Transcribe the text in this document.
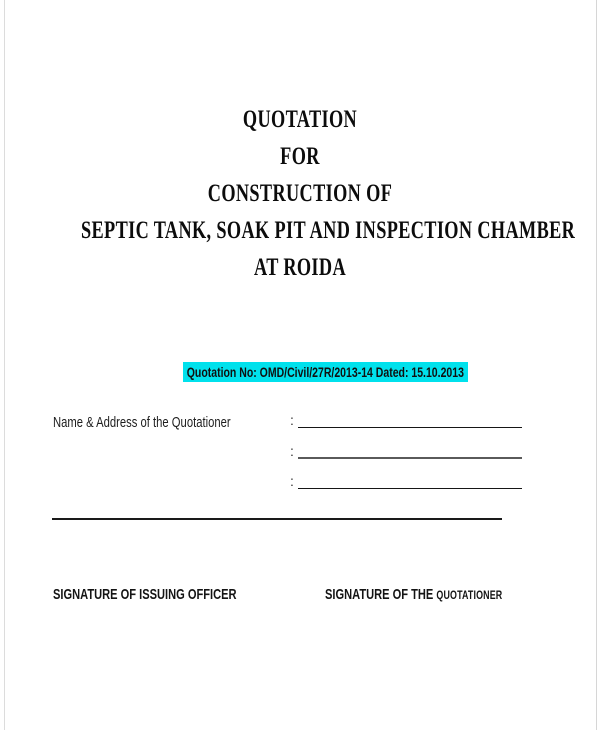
QUOTATION
FOR
CONSTRUCTION OF
SEPTIC TANK, SOAK PIT AND INSPECTION CHAMBER
AT ROIDA
Quotation No: OMD/Civil/27R/2013-14 Dated: 15.10.2013
Name & Address of the Quotationer	:
:
:
SIGNATURE OF ISSUING OFFICER	SIGNATURE OF THE QUOTATIONER
